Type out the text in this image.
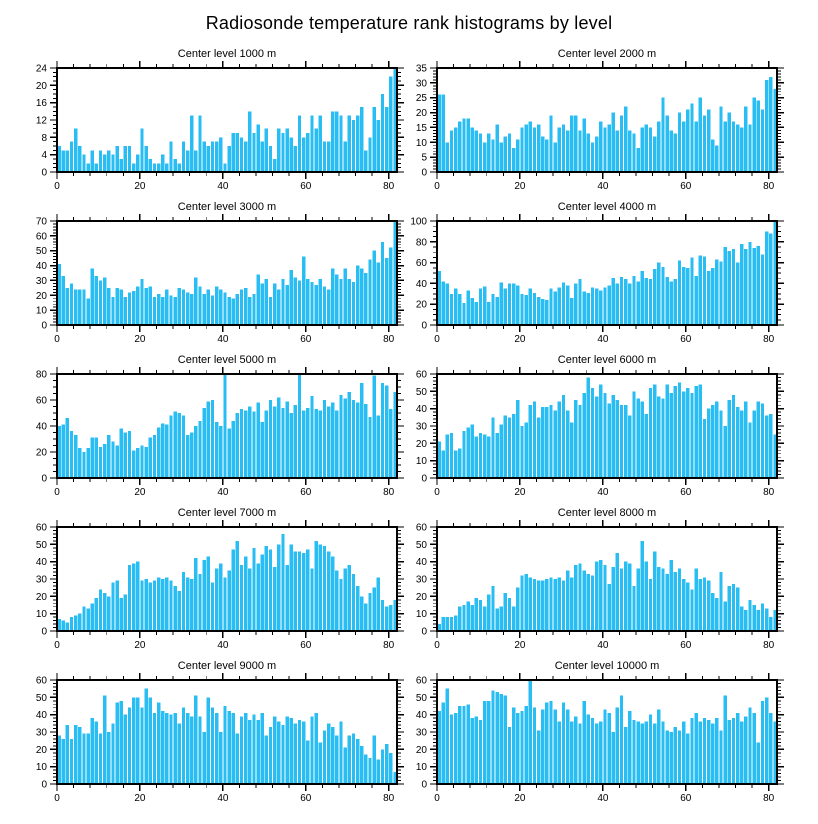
Radiosonde temperature rank histograms by level
Center level 1000 m
0
4
8
12
16
20
24
0	20	40	60	80
Center level 2000 m
0
5
10
15
20
25
30
35
0	20	40	60	80
Center level 3000 m
0
10
20
30
40
50
60
70
0	20	40	60	80
Center level 4000 m
0
20
40
60
80
100
0	20	40	60	80
Center level 5000 m
0
20
40
60
80
0	20	40	60	80
Center level 6000 m
0
10
20
30
40
50
60
0	20	40	60	80
Center level 7000 m
0
10
20
30
40
50
60
0	20	40	60	80
Center level 8000 m
0
10
20
30
40
50
60
0	20	40	60	80
Center level 9000 m
0
10
20
30
40
50
60
0	20	40	60	80
Center level 10000 m
0
10
20
30
40
50
60
0	20	40	60	80
